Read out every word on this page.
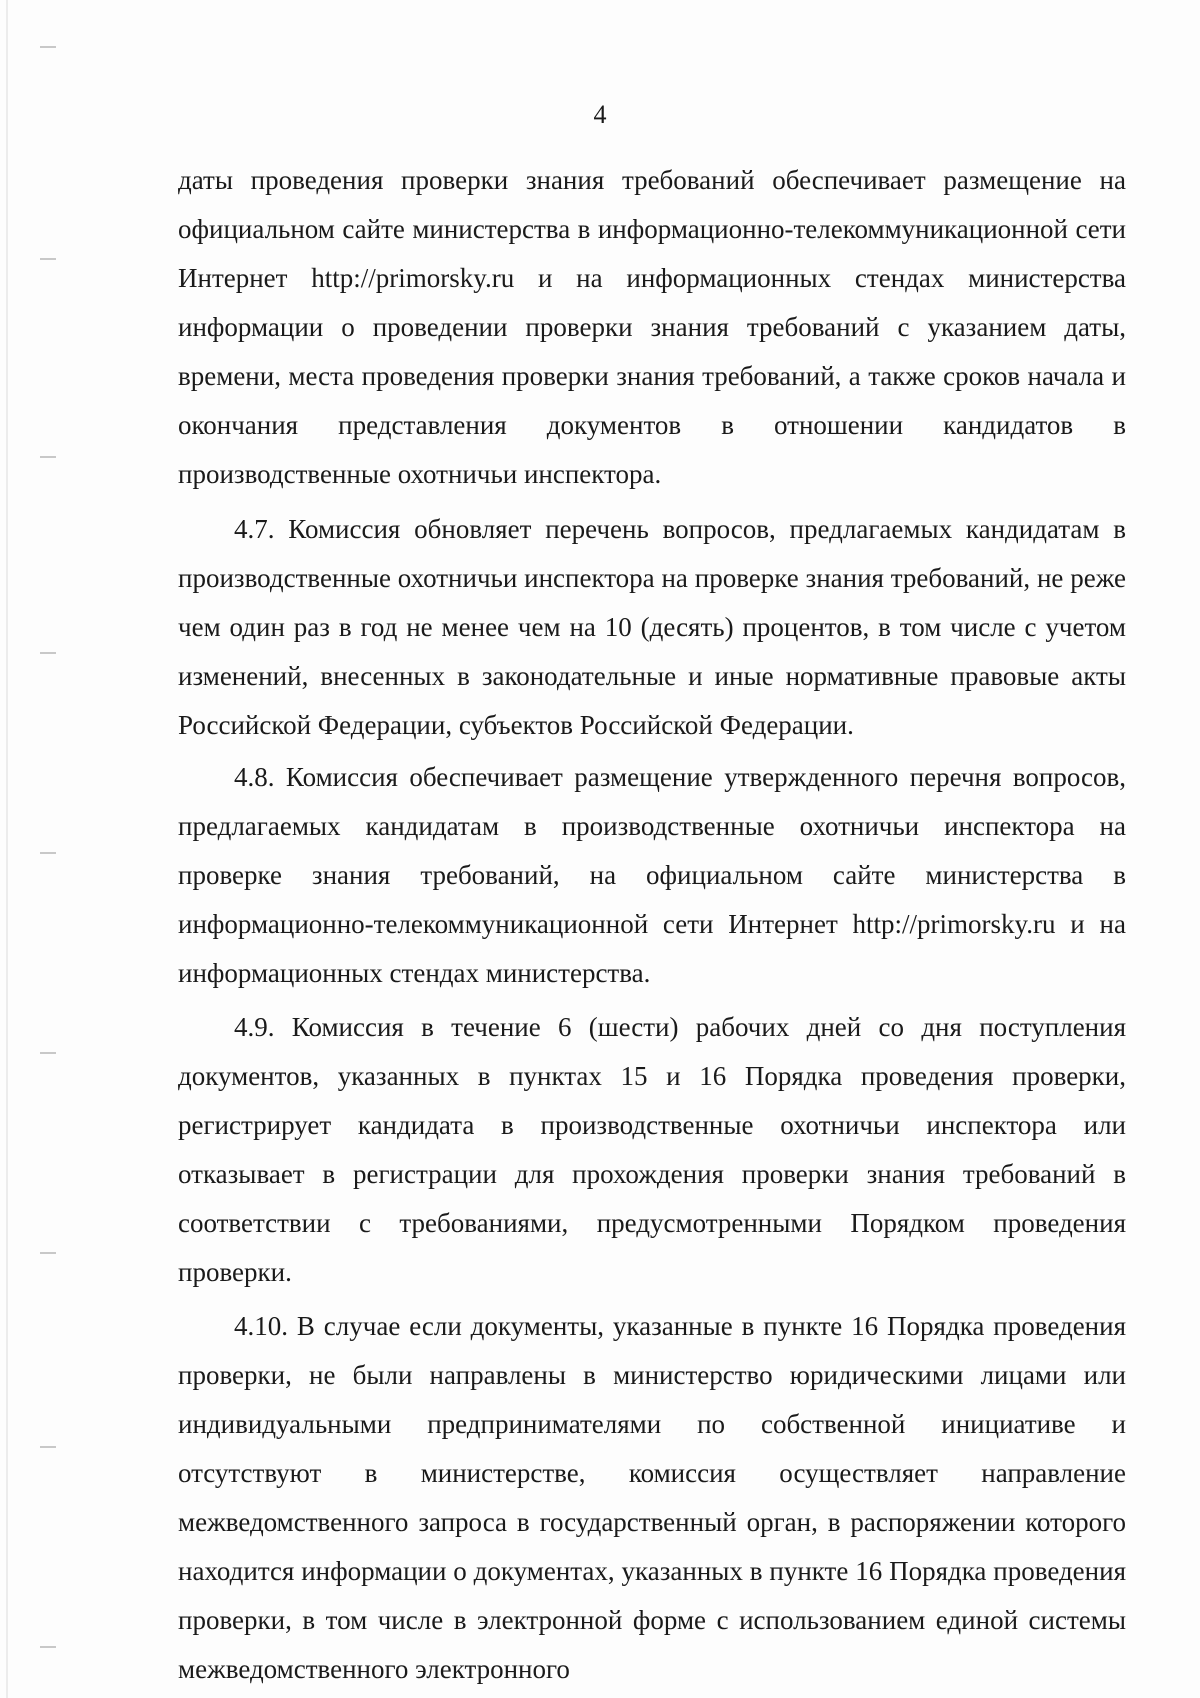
4

даты проведения проверки знания требований обеспечивает размещение на официальном сайте министерства в информационно-телекоммуникационной сети Интернет http://primorsky.ru и на информационных стендах министерства информации о проведении проверки знания требований с указанием даты, времени, места проведения проверки знания требований, а также сроков начала и окончания представления документов в отношении кандидатов в производственные охотничьи инспектора.

4.7. Комиссия обновляет перечень вопросов, предлагаемых кандидатам в производственные охотничьи инспектора на проверке знания требований, не реже чем один раз в год не менее чем на 10 (десять) процентов, в том числе с учетом изменений, внесенных в законодательные и иные нормативные правовые акты Российской Федерации, субъектов Российской Федерации.

4.8. Комиссия обеспечивает размещение утвержденного перечня вопросов, предлагаемых кандидатам в производственные охотничьи инспектора на проверке знания требований, на официальном сайте министерства в информационно-телекоммуникационной сети Интернет http://primorsky.ru и на информационных стендах министерства.

4.9. Комиссия в течение 6 (шести) рабочих дней со дня поступления документов, указанных в пунктах 15 и 16 Порядка проведения проверки, регистрирует кандидата в производственные охотничьи инспектора или отказывает в регистрации для прохождения проверки знания требований в соответствии с требованиями, предусмотренными Порядком проведения проверки.

4.10. В случае если документы, указанные в пункте 16 Порядка проведения проверки, не были направлены в министерство юридическими лицами или индивидуальными предпринимателями по собственной инициативе и отсутствуют в министерстве, комиссия осуществляет направление межведомственного запроса в государственный орган, в распоряжении которого находится информации о документах, указанных в пункте 16 Порядка проведения проверки, в том числе в электронной форме с использованием единой системы межведомственного электронного
